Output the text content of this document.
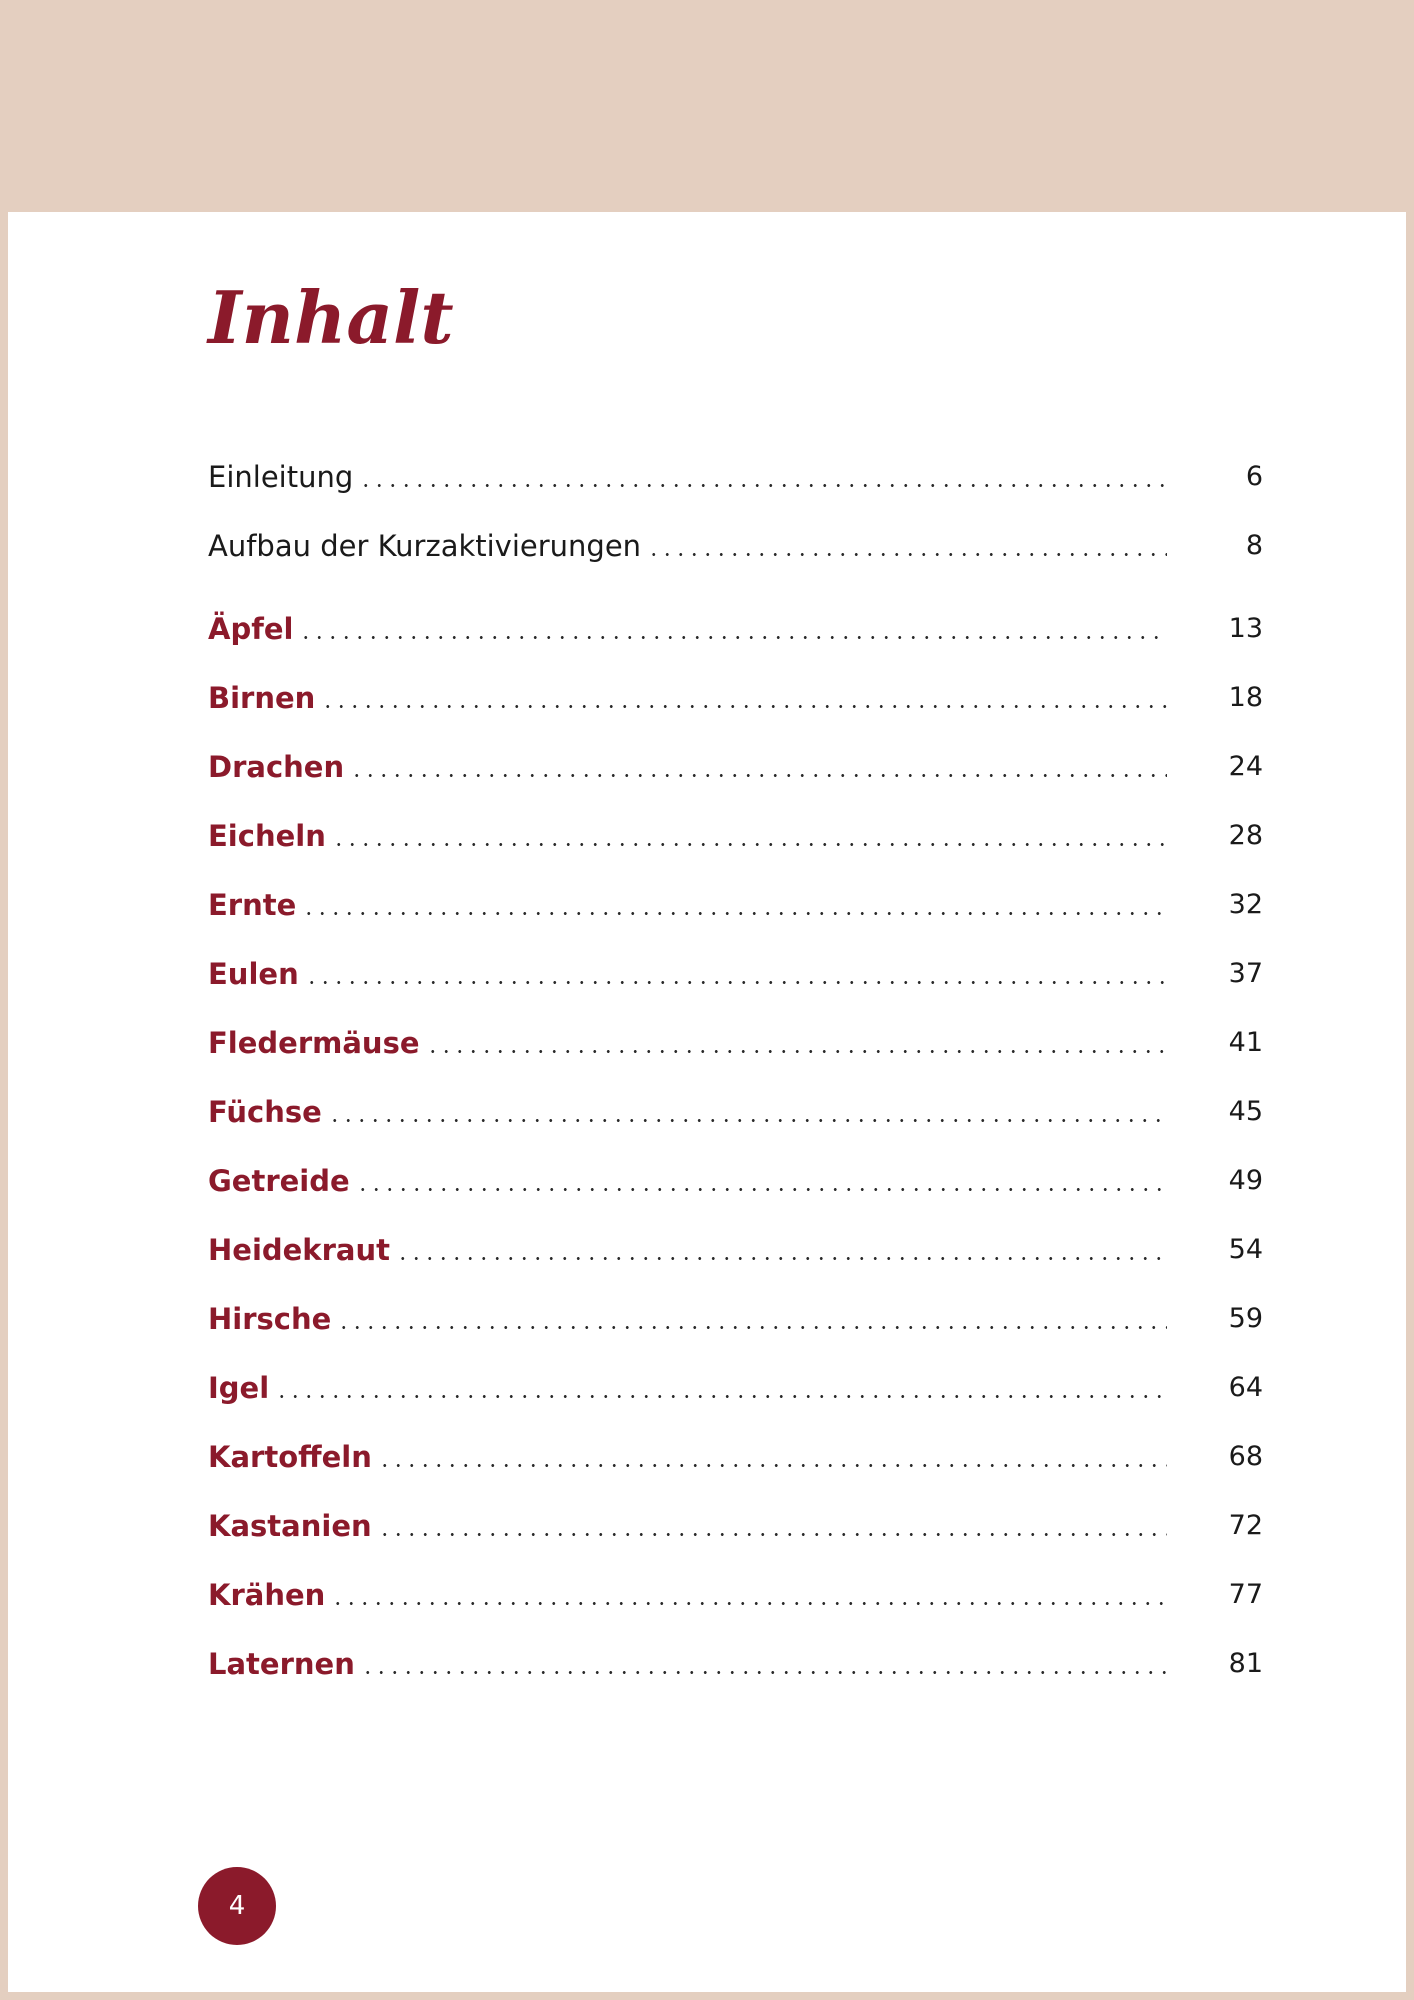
Inhalt
Einleitung	6
Aufbau der Kurzaktivierungen	8
Äpfel	13
Birnen	18
Drachen	24
Eicheln	28
Ernte	32
Eulen	37
Fledermäuse	41
Füchse	45
Getreide	49
Heidekraut	54
Hirsche	59
Igel	64
Kartoffeln	68
Kastanien	72
Krähen	77
Laternen	81
4
